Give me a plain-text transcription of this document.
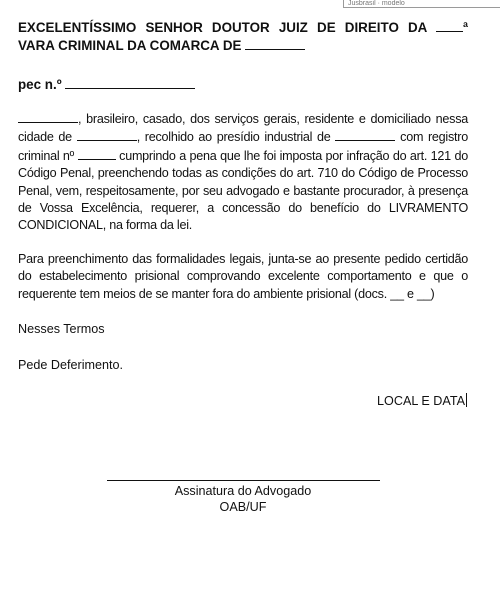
Jusbrasil · modelo
EXCELENTÍSSIMO SENHOR DOUTOR JUIZ DE DIREITO DA ª VARA CRIMINAL DA COMARCA DE
pec n.º
, brasileiro, casado, dos serviços gerais, residente e domiciliado nessa cidade de	, recolhido ao presídio industrial de	com registro criminal nº	cumprindo a pena que lhe foi imposta por infração do art. 121 do Código Penal, preenchendo todas as condições do art. 710 do Código de Processo Penal, vem, respeitosamente, por seu advogado e bastante procurador, à presença de Vossa Excelência, requerer, a concessão do benefício do LIVRAMENTO CONDICIONAL, na forma da lei.
Para preenchimento das formalidades legais, junta-se ao presente pedido certidão do estabelecimento prisional comprovando excelente comportamento e que o requerente tem meios de se manter fora do ambiente prisional (docs. __ e __)
Nesses Termos
Pede Deferimento.
LOCAL E DATA
Assinatura do Advogado
OAB/UF
